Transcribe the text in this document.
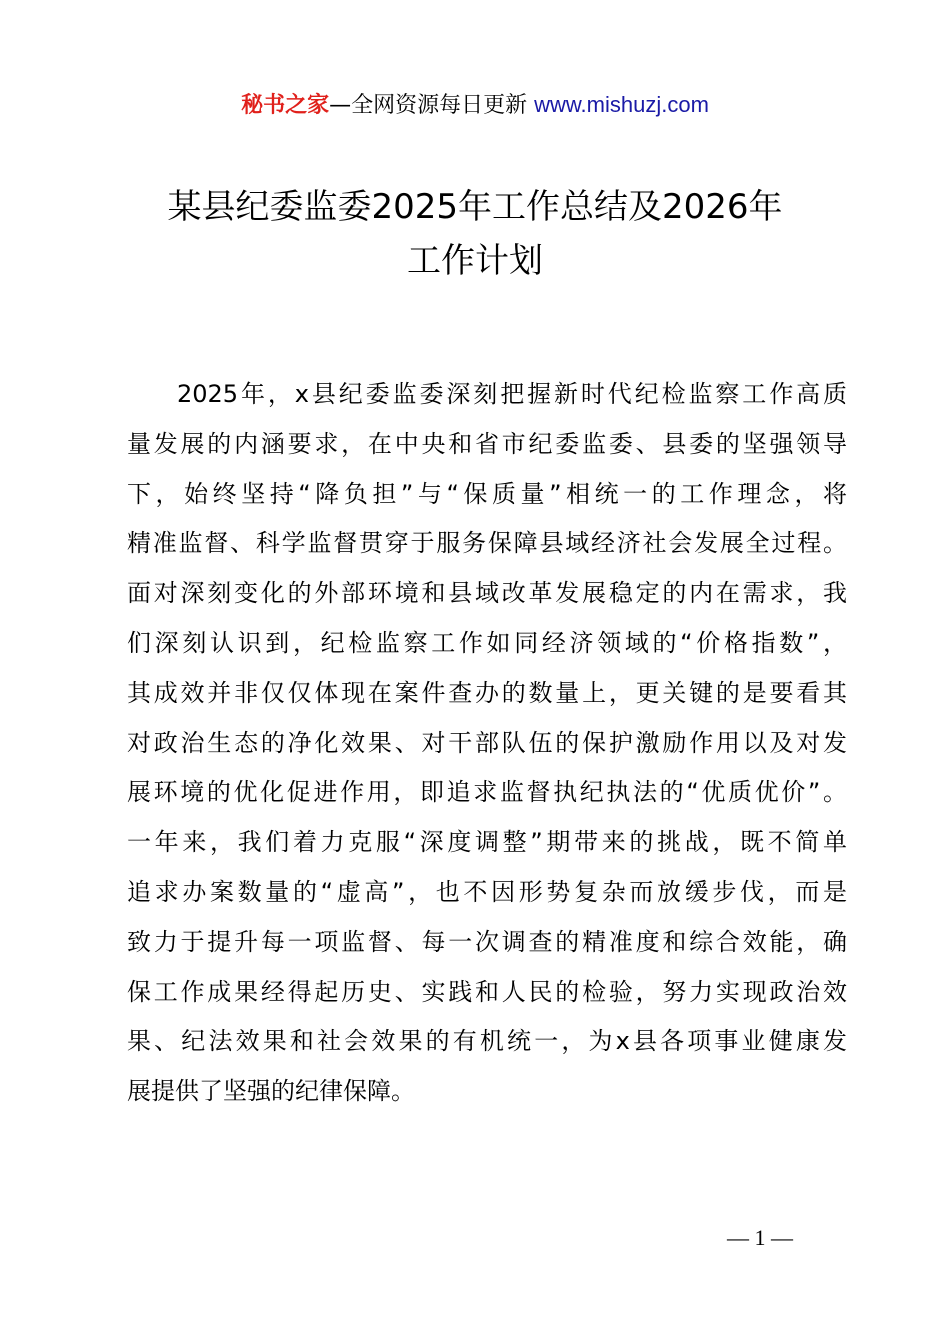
秘书之家—全网资源每日更新 www.mishuzj.com
某县纪委监委2025年工作总结及2026年
工作计划
2025年，x县纪委监委深刻把握新时代纪检监察工作高质
量发展的内涵要求，在中央和省市纪委监委、县委的坚强领导
下，始终坚持“降负担”与“保质量”相统一的工作理念，将
精准监督、科学监督贯穿于服务保障县域经济社会发展全过程。
面对深刻变化的外部环境和县域改革发展稳定的内在需求，我
们深刻认识到，纪检监察工作如同经济领域的“价格指数”，
其成效并非仅仅体现在案件查办的数量上，更关键的是要看其
对政治生态的净化效果、对干部队伍的保护激励作用以及对发
展环境的优化促进作用，即追求监督执纪执法的“优质优价”。
一年来，我们着力克服“深度调整”期带来的挑战，既不简单
追求办案数量的“虚高”，也不因形势复杂而放缓步伐，而是
致力于提升每一项监督、每一次调查的精准度和综合效能，确
保工作成果经得起历史、实践和人民的检验，努力实现政治效
果、纪法效果和社会效果的有机统一，为x县各项事业健康发
展提供了坚强的纪律保障。
— 1 —
